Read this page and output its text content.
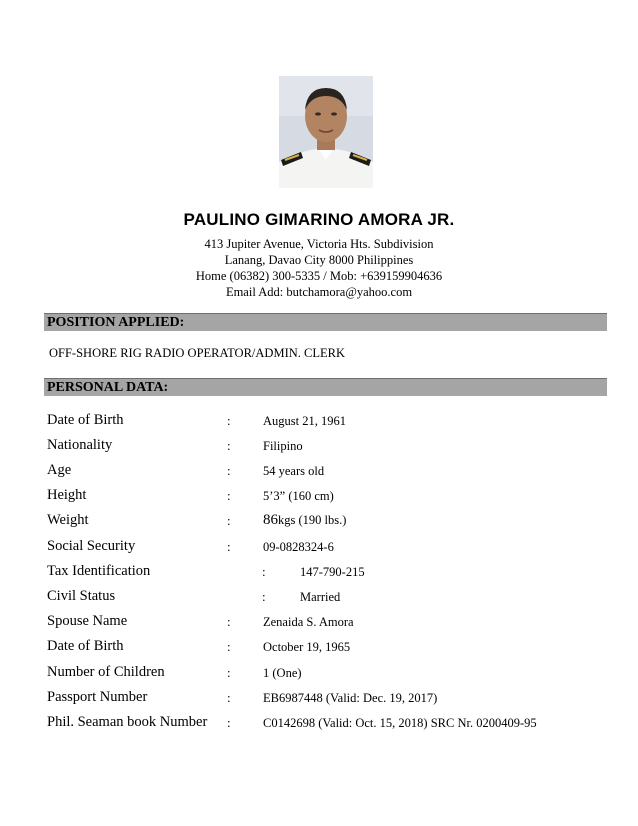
PAULINO GIMARINO AMORA JR.
413 Jupiter Avenue, Victoria Hts. Subdivision
Lanang, Davao City 8000 Philippines
Home (06382) 300-5335 / Mob: +639159904636
Email Add: butchamora@yahoo.com
POSITION APPLIED:
OFF-SHORE RIG RADIO OPERATOR/ADMIN. CLERK
PERSONAL DATA:
Date of Birth	:	August 21, 1961
Nationality	:	Filipino
Age	:	54 years old
Height	:	5’3” (160 cm)
Weight	: 86kgs (190 lbs.)
Social Security	:	09-0828324-6
Tax Identification	:	147-790-215
Civil Status	:	Married
Spouse Name	:	Zenaida S. Amora
Date of Birth	:	October 19, 1965
Number of Children	:	1 (One)
Passport Number	:	EB6987448 (Valid: Dec. 19, 2017)
Phil. Seaman book Number :	C0142698 (Valid: Oct. 15, 2018) SRC Nr. 0200409-95
